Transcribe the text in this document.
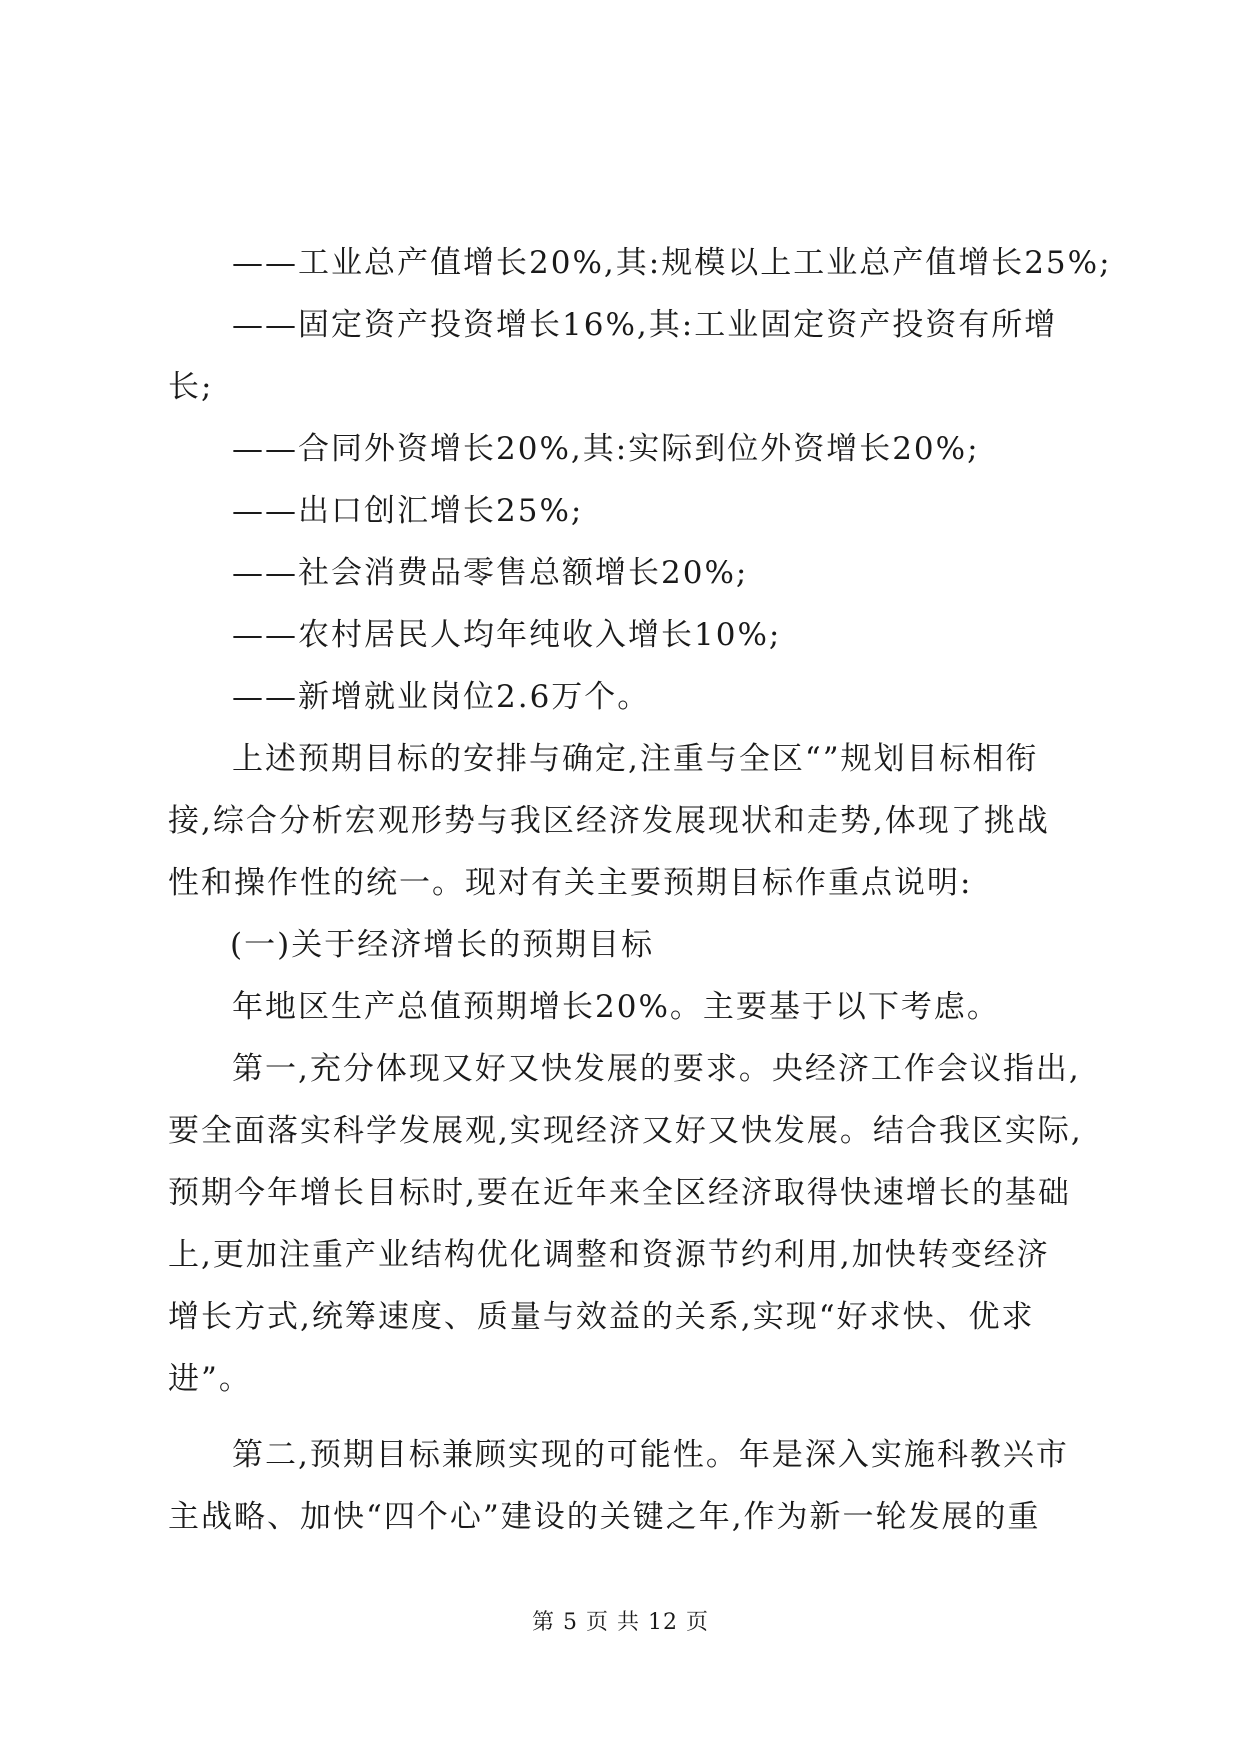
——工业总产值增长20%,其:规模以上工业总产值增长25%;
——固定资产投资增长16%,其:工业固定资产投资有所增
长;
——合同外资增长20%,其:实际到位外资增长20%;
——出口创汇增长25%;
——社会消费品零售总额增长20%;
——农村居民人均年纯收入增长10%;
——新增就业岗位2.6万个。
上述预期目标的安排与确定,注重与全区“”规划目标相衔
接,综合分析宏观形势与我区经济发展现状和走势,体现了挑战
性和操作性的统一。现对有关主要预期目标作重点说明:
(一)关于经济增长的预期目标
年地区生产总值预期增长20%。主要基于以下考虑。
第一,充分体现又好又快发展的要求。央经济工作会议指出,
要全面落实科学发展观,实现经济又好又快发展。结合我区实际,
预期今年增长目标时,要在近年来全区经济取得快速增长的基础
上,更加注重产业结构优化调整和资源节约利用,加快转变经济
增长方式,统筹速度、质量与效益的关系,实现“好求快、优求
进”。
第二,预期目标兼顾实现的可能性。年是深入实施科教兴市
主战略、加快“四个心”建设的关键之年,作为新一轮发展的重
第 5 页 共 12 页
